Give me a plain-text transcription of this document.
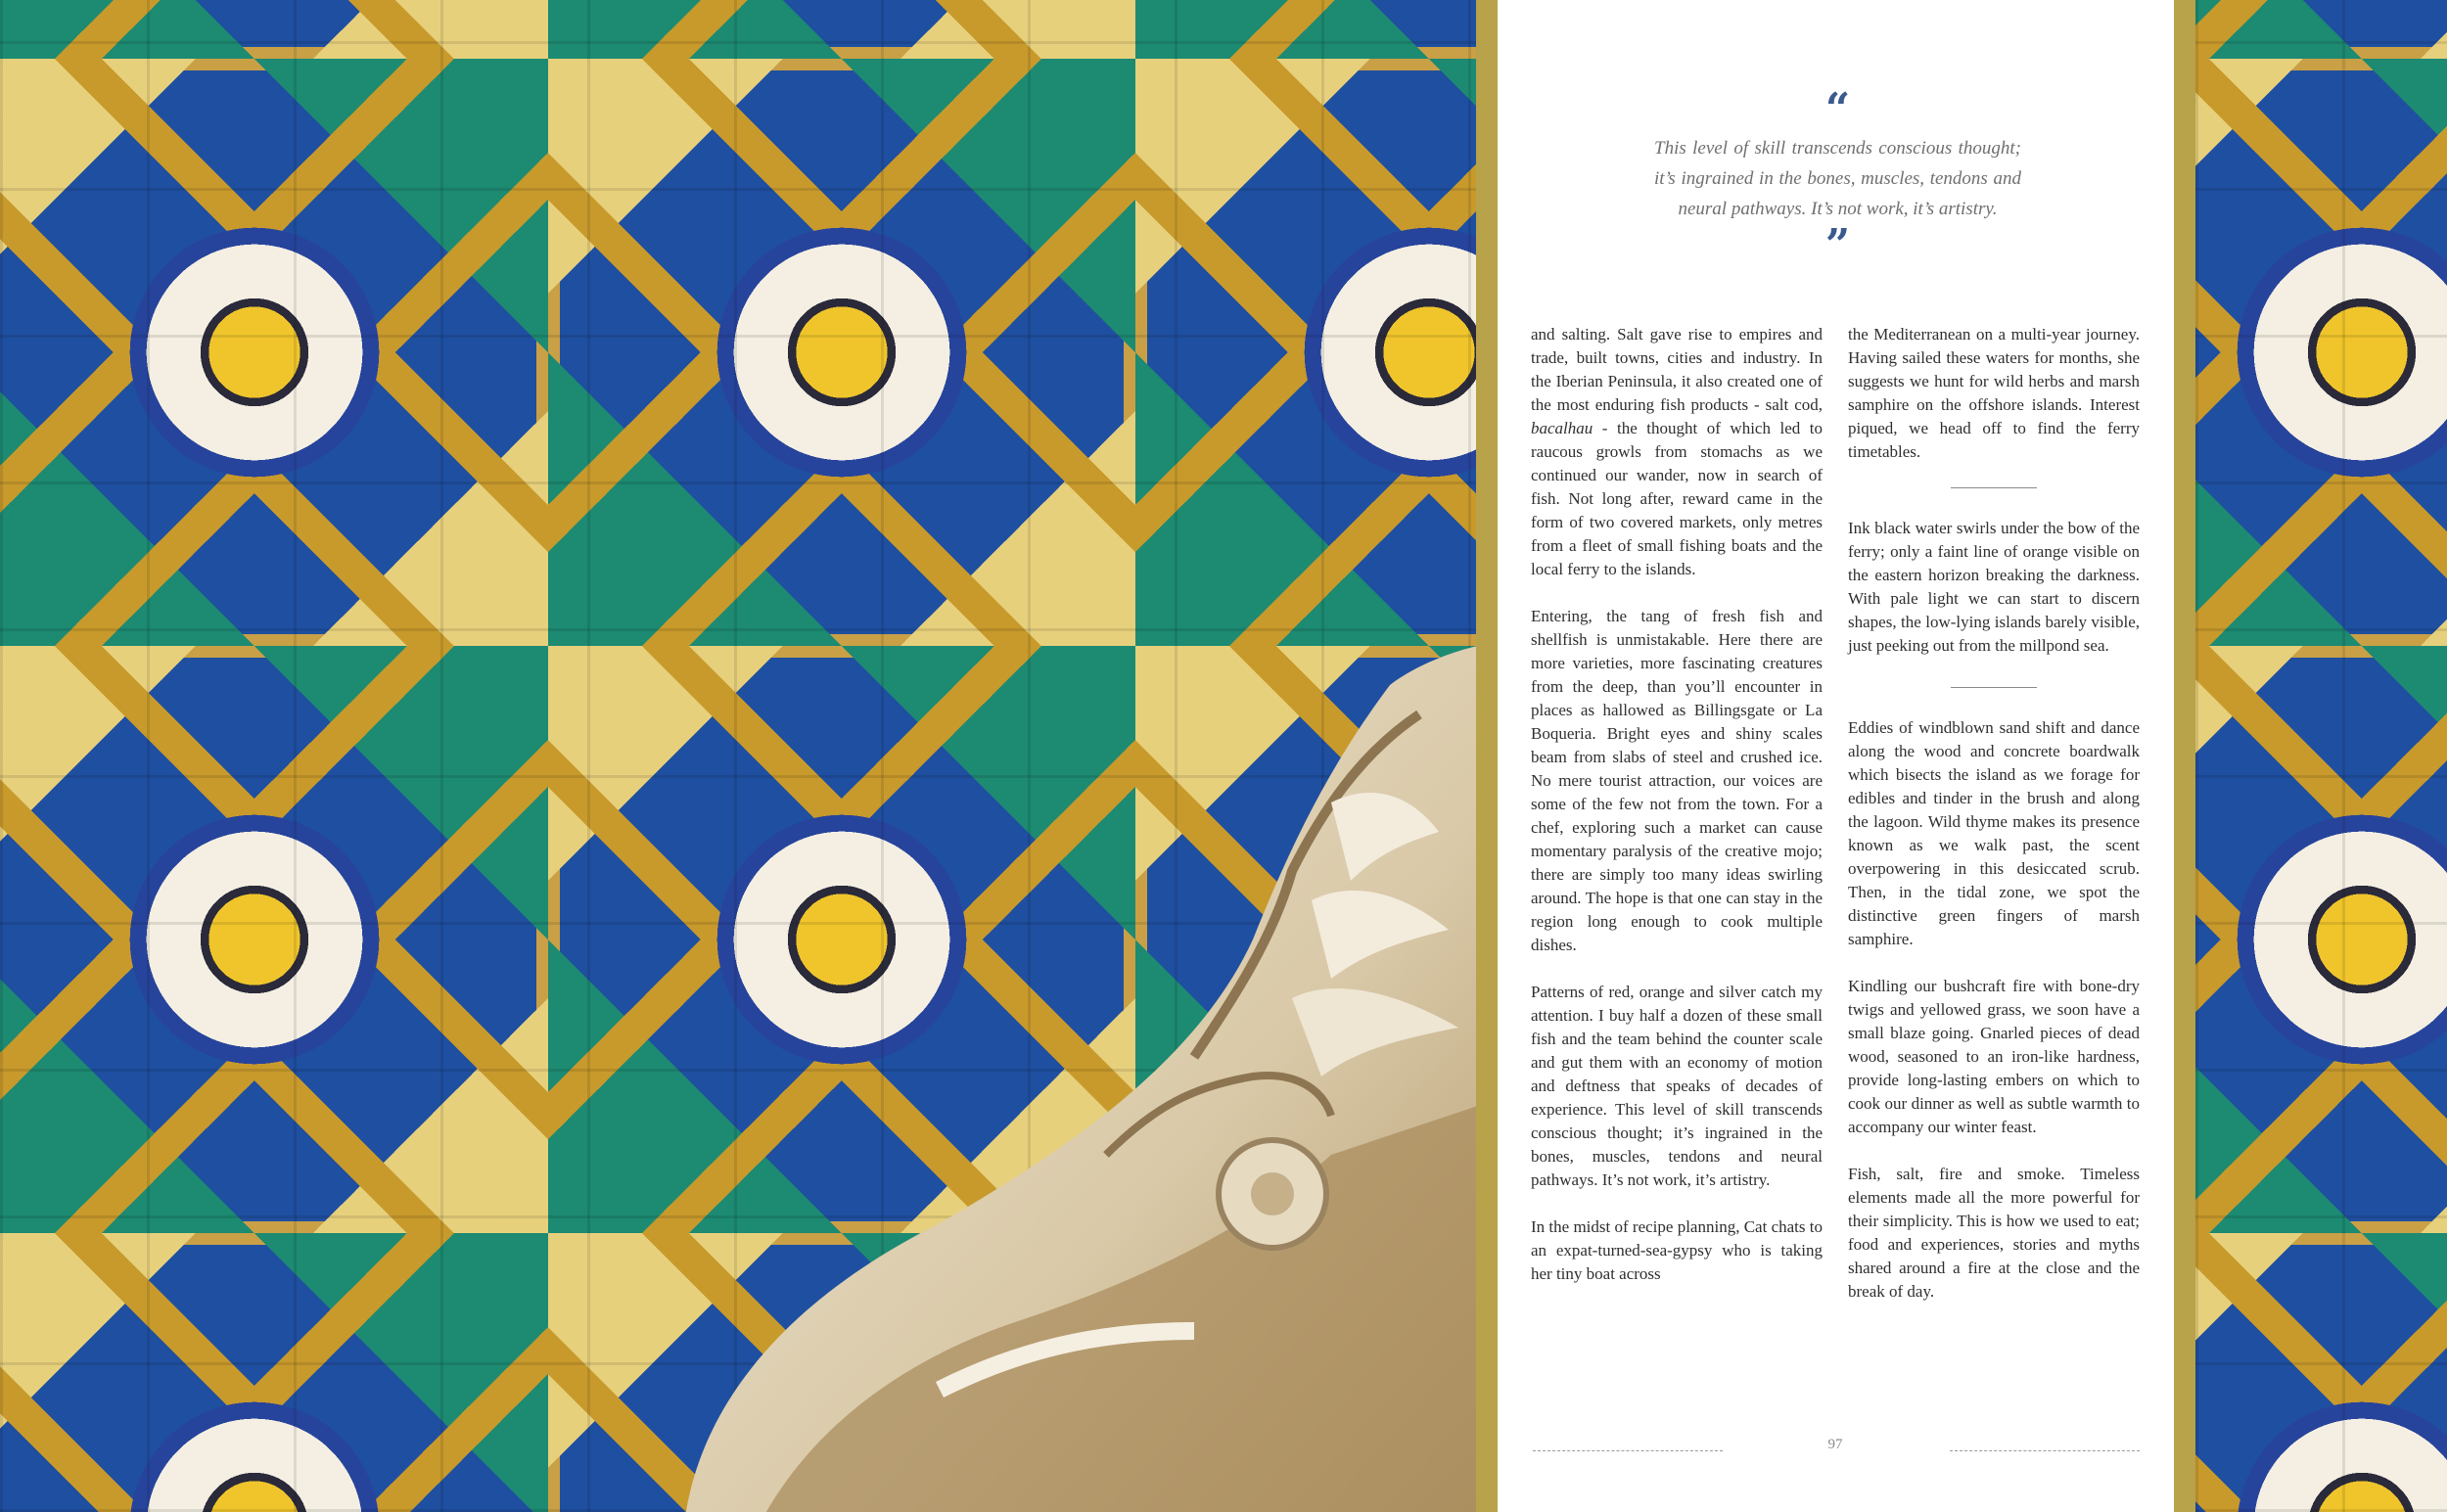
“

This level of skill transcends conscious thought; it’s ingrained in the bones, muscles, tendons and neural pathways. It’s not work, it’s artistry.

”

and salting. Salt gave rise to empires and trade, built towns, cities and industry. In the Iberian Peninsula, it also created one of the most enduring fish products - salt cod, bacalhau - the thought of which led to raucous growls from stomachs as we continued our wander, now in search of fish. Not long after, reward came in the form of two covered markets, only metres from a fleet of small fishing boats and the local ferry to the islands.

Entering, the tang of fresh fish and shellfish is unmistakable. Here there are more varieties, more fascinating creatures from the deep, than you’ll encounter in places as hallowed as Billingsgate or La Boqueria. Bright eyes and shiny scales beam from slabs of steel and crushed ice. No mere tourist attraction, our voices are some of the few not from the town. For a chef, exploring such a market can cause momentary paralysis of the creative mojo; there are simply too many ideas swirling around. The hope is that one can stay in the region long enough to cook multiple dishes.

Patterns of red, orange and silver catch my attention. I buy half a dozen of these small fish and the team behind the counter scale and gut them with an economy of motion and deftness that speaks of decades of experience. This level of skill transcends conscious thought; it’s ingrained in the bones, muscles, tendons and neural pathways. It’s not work, it’s artistry.

In the midst of recipe planning, Cat chats to an expat-turned-sea-gypsy who is taking her tiny boat across

the Mediterranean on a multi-year journey. Having sailed these waters for months, she suggests we hunt for wild herbs and marsh samphire on the offshore islands. Interest piqued, we head off to find the ferry timetables.

Ink black water swirls under the bow of the ferry; only a faint line of orange visible on the eastern horizon breaking the darkness. With pale light we can start to discern shapes, the low-lying islands barely visible, just peeking out from the millpond sea.

Eddies of windblown sand shift and dance along the wood and concrete boardwalk which bisects the island as we forage for edibles and tinder in the brush and along the lagoon. Wild thyme makes its presence known as we walk past, the scent overpowering in this desiccated scrub. Then, in the tidal zone, we spot the distinctive green fingers of marsh samphire.

Kindling our bushcraft fire with bone-dry twigs and yellowed grass, we soon have a small blaze going. Gnarled pieces of dead wood, seasoned to an iron-like hardness, provide long-lasting embers on which to cook our dinner as well as subtle warmth to accompany our winter feast.

Fish, salt, fire and smoke. Timeless elements made all the more powerful for their simplicity. This is how we used to eat; food and experiences, stories and myths shared around a fire at the close and the break of day.

97
